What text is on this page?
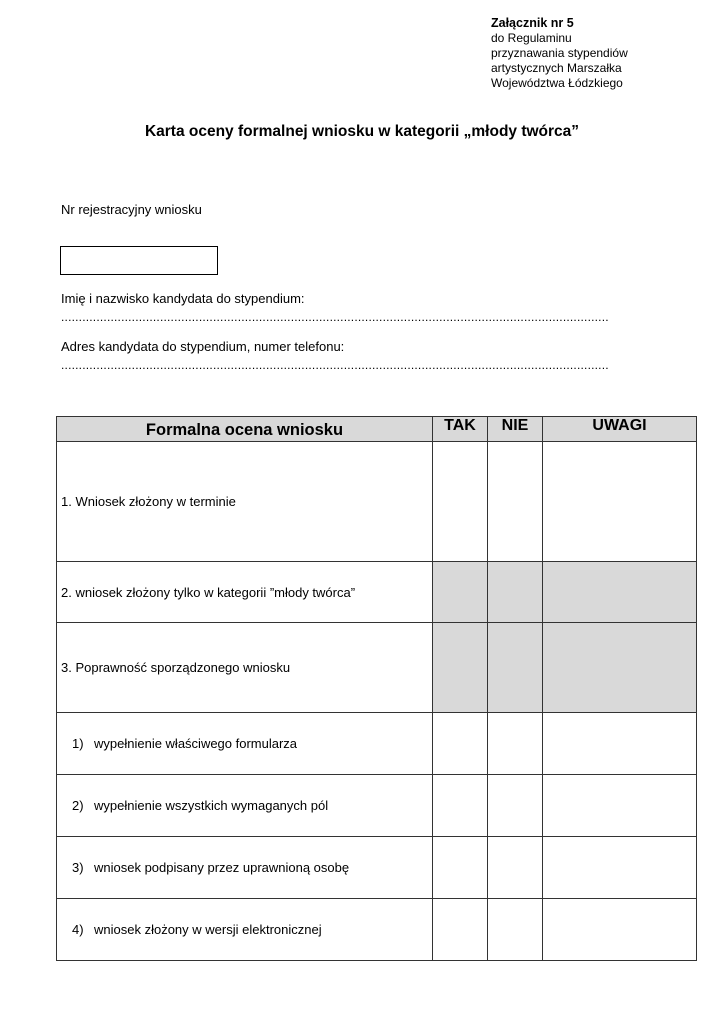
Załącznik nr 5
do Regulaminu
przyznawania stypendiów
artystycznych Marszałka
Województwa Łódzkiego
Karta oceny formalnej wniosku w kategorii „młody twórca”
Nr rejestracyjny wniosku
Imię i nazwisko kandydata do stypendium:
...........................................................................................................................................................
Adres kandydata do stypendium, numer telefonu:
...........................................................................................................................................................
Formalna ocena wniosku	TAK	NIE	UWAGI
1. Wniosek złożony w terminie			
2. wniosek złożony tylko w kategorii ”młody twórca”			
3. Poprawność sporządzonego wniosku			
1) wypełnienie właściwego formularza			
2) wypełnienie wszystkich wymaganych pól			
3) wniosek podpisany przez uprawnioną osobę			
4) wniosek złożony w wersji elektronicznej			
